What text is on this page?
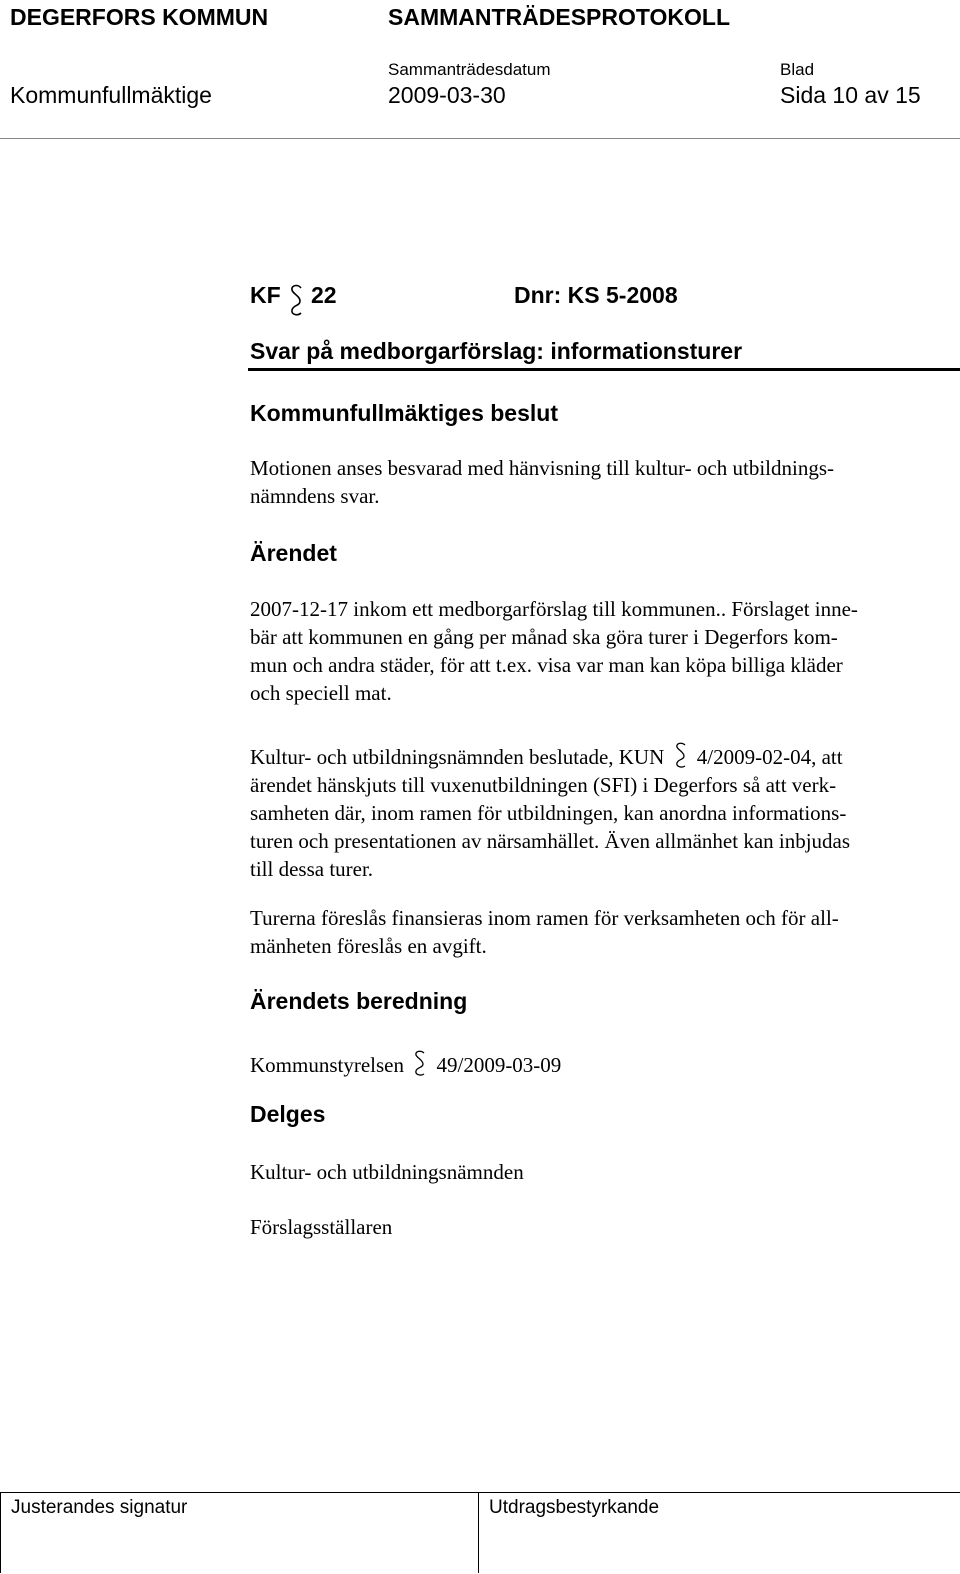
DEGERFORS KOMMUN	SAMMANTRÄDESPROTOKOLL
Sammanträdesdatum	Blad
Kommunfullmäktige	2009-03-30	Sida 10 av 15
KF 22	Dnr: KS 5-2008
Svar på medborgarförslag: informationsturer
Kommunfullmäktiges beslut

Motionen anses besvarad med hänvisning till kultur- och utbildnings-
nämndens svar.

Ärendet

2007-12-17 inkom ett medborgarförslag till kommunen.. Förslaget inne-
bär att kommunen en gång per månad ska göra turer i Degerfors kom-
mun och andra städer, för att t.ex. visa var man kan köpa billiga kläder
och speciell mat.

Kultur- och utbildningsnämnden beslutade, KUN 4/2009-02-04, att
ärendet hänskjuts till vuxenutbildningen (SFI) i Degerfors så att verk-
samheten där, inom ramen för utbildningen, kan anordna informations-
turen och presentationen av närsamhället. Även allmänhet kan inbjudas
till dessa turer.

Turerna föreslås finansieras inom ramen för verksamheten och för all-
mänheten föreslås en avgift.

Ärendets beredning

Kommunstyrelsen 49/2009-03-09

Delges

Kultur- och utbildningsnämnden

Förslagsställaren

Justerandes signatur	Utdragsbestyrkande
